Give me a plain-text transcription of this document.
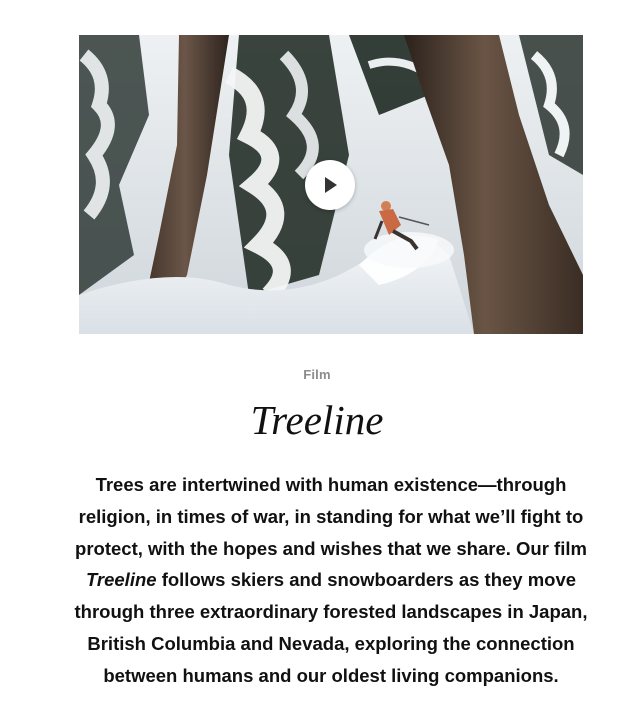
Film
Treeline

Trees are intertwined with human existence—through religion, in times of war, in standing for what we’ll fight to protect, with the hopes and wishes that we share. Our film Treeline follows skiers and snowboarders as they move through three extraordinary forested landscapes in Japan, British Columbia and Nevada, exploring the connection between humans and our oldest living companions.
